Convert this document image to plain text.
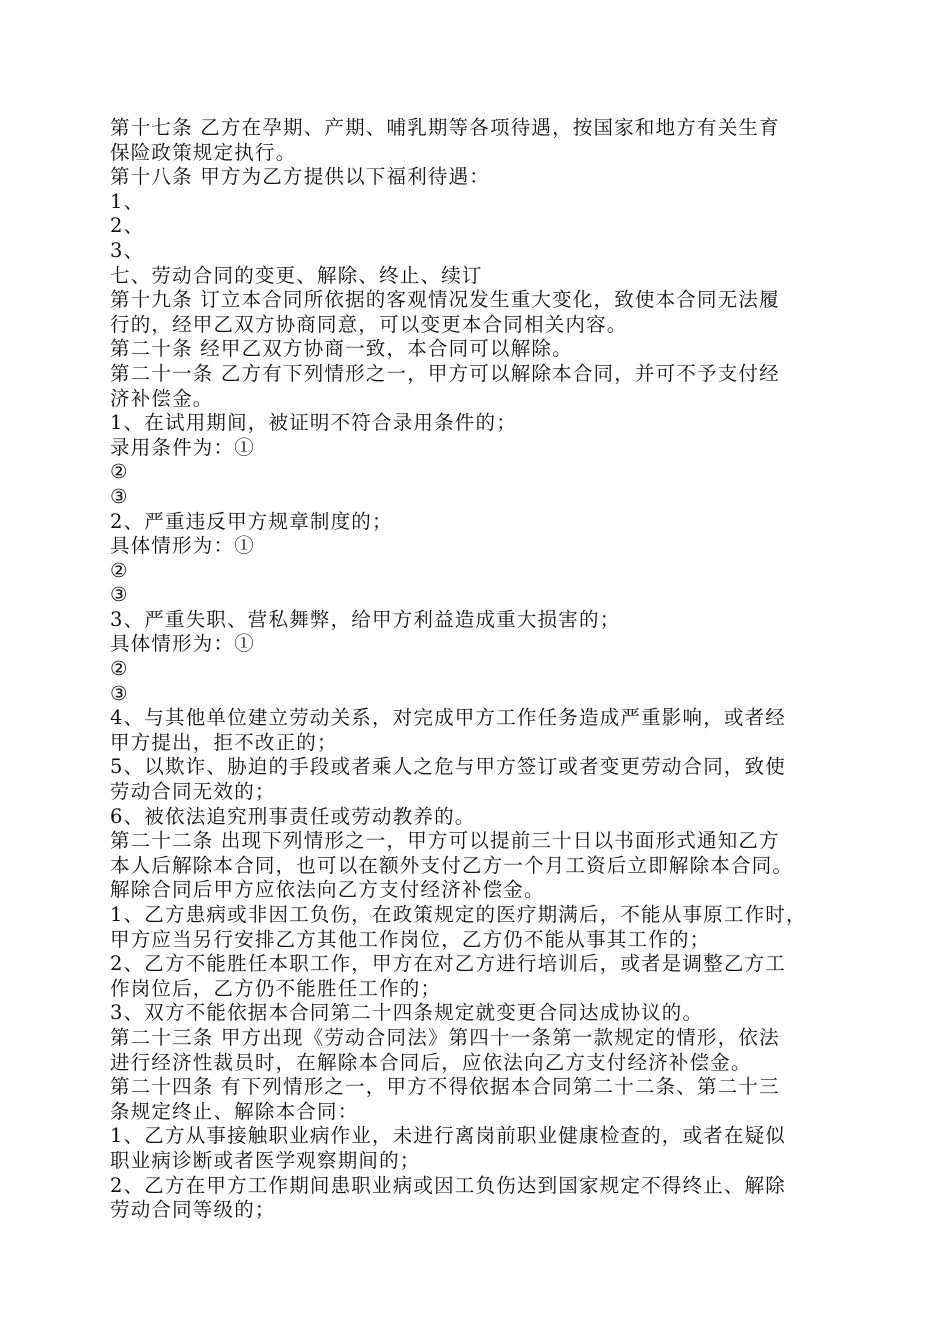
第十七条 乙方在孕期、产期、哺乳期等各项待遇，按国家和地方有关生育
保险政策规定执行。
第十八条 甲方为乙方提供以下福利待遇：
1、
2、
3、
七、劳动合同的变更、解除、终止、续订
第十九条 订立本合同所依据的客观情况发生重大变化，致使本合同无法履
行的，经甲乙双方协商同意，可以变更本合同相关内容。
第二十条 经甲乙双方协商一致，本合同可以解除。
第二十一条 乙方有下列情形之一，甲方可以解除本合同，并可不予支付经
济补偿金。
1、在试用期间，被证明不符合录用条件的；
录用条件为：①
②
③
2、严重违反甲方规章制度的；
具体情形为：①
②
③
3、严重失职、营私舞弊，给甲方利益造成重大损害的；
具体情形为：①
②
③
4、与其他单位建立劳动关系，对完成甲方工作任务造成严重影响，或者经
甲方提出，拒不改正的；
5、以欺诈、胁迫的手段或者乘人之危与甲方签订或者变更劳动合同，致使
劳动合同无效的；
6、被依法追究刑事责任或劳动教养的。
第二十二条 出现下列情形之一，甲方可以提前三十日以书面形式通知乙方
本人后解除本合同，也可以在额外支付乙方一个月工资后立即解除本合同。
解除合同后甲方应依法向乙方支付经济补偿金。
1、乙方患病或非因工负伤，在政策规定的医疗期满后，不能从事原工作时，
甲方应当另行安排乙方其他工作岗位，乙方仍不能从事其工作的；
2、乙方不能胜任本职工作，甲方在对乙方进行培训后，或者是调整乙方工
作岗位后，乙方仍不能胜任工作的；
3、双方不能依据本合同第二十四条规定就变更合同达成协议的。
第二十三条 甲方出现《劳动合同法》第四十一条第一款规定的情形，依法
进行经济性裁员时，在解除本合同后，应依法向乙方支付经济补偿金。
第二十四条 有下列情形之一，甲方不得依据本合同第二十二条、第二十三
条规定终止、解除本合同：
1、乙方从事接触职业病作业，未进行离岗前职业健康检查的，或者在疑似
职业病诊断或者医学观察期间的；
2、乙方在甲方工作期间患职业病或因工负伤达到国家规定不得终止、解除
劳动合同等级的；
